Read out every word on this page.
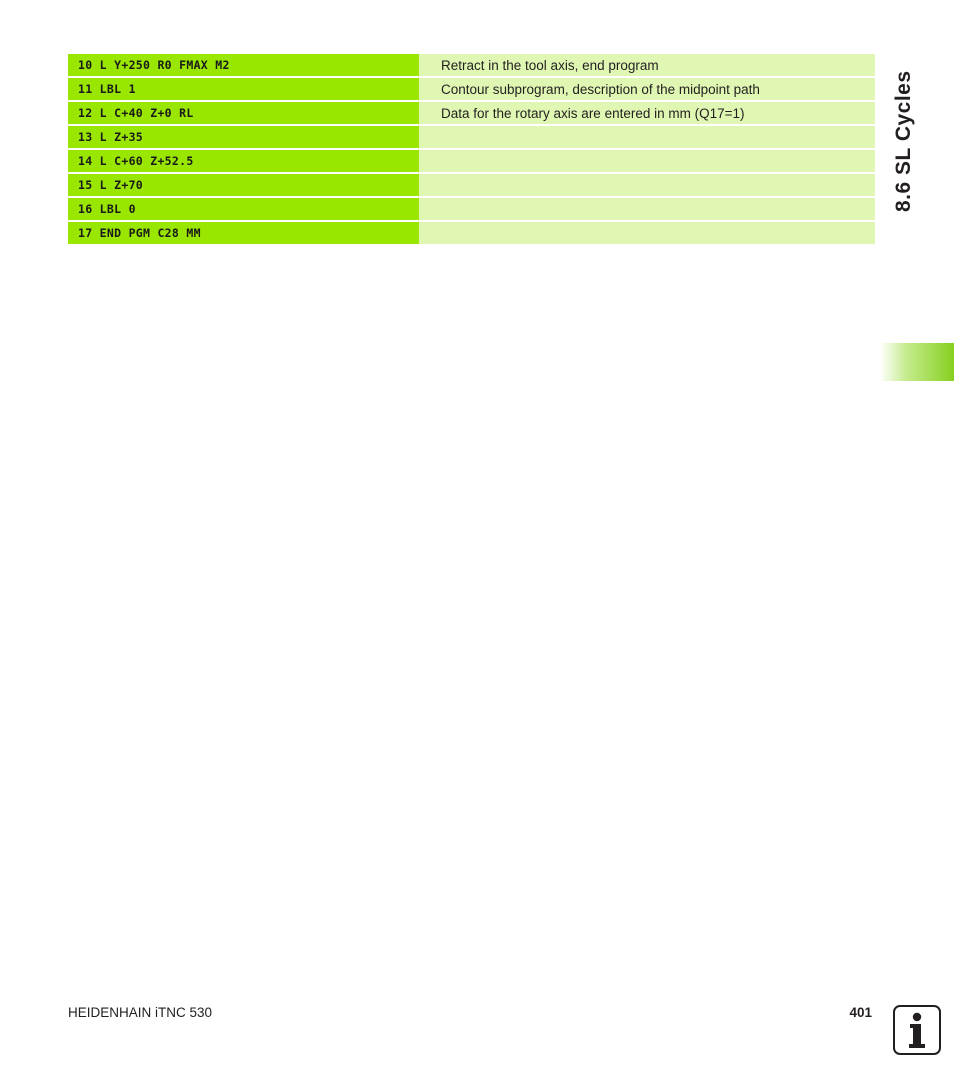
10 L Y+250 R0 FMAX M2	Retract in the tool axis, end program
11 LBL 1	Contour subprogram, description of the midpoint path
12 L C+40 Z+0 RL	Data for the rotary axis are entered in mm (Q17=1)
13 L Z+35	
14 L C+60 Z+52.5	
15 L Z+70	
16 LBL 0	
17 END PGM C28 MM	
8.6 SL Cycles
HEIDENHAIN iTNC 530	401
